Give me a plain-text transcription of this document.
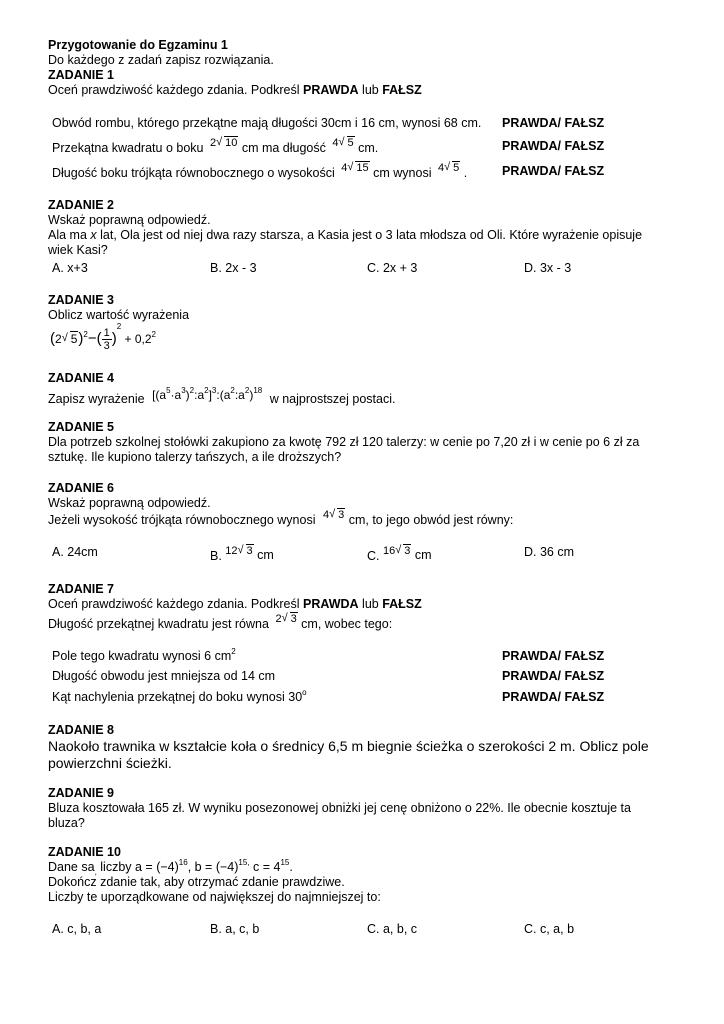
Przygotowanie do Egzaminu 1
Do każdego z zadań zapisz rozwiązania.
ZADANIE 1
Oceń prawdziwość każdego zdania. Podkreśl PRAWDA lub FAŁSZ
Obwód rombu, którego przekątne mają długości 30cm i 16 cm, wynosi 68 cm. PRAWDA/ FAŁSZ
Przekątna kwadratu o boku 2 √ 10 cm ma długość 4 √ 5 cm.	PRAWDA/ FAŁSZ
Długość boku trójkąta równobocznego o wysokości 4 √ 15 cm wynosi 4 √ 5 .	PRAWDA/ FAŁSZ
ZADANIE 2
Wskaż poprawną odpowiedź.
Ala ma x lat, Ola jest od niej dwa razy starsza, a Kasia jest o 3 lata młodsza od Oli. Które wyrażenie opisuje
wiek Kasi?
A. x+3	B. 2x - 3	C. 2x + 3	D. 3x - 3
ZADANIE 3
Oblicz wartość wyrażenia
(2 √ $5)^2-( \frac{1}{3} )^2 + 0,2^2$
ZADANIE 4
Zapisz wyrażenie $[(a^5\cdot a^3)^2:a^2]^3:(a^2:a^2)^{18}$ w najprostszej postaci.
ZADANIE 5
Dla potrzeb szkolnej stołówki zakupiono za kwotę 792 zł 120 talerzy: w cenie po 7,20 zł i w cenie po 6 zł za
sztukę. Ile kupiono talerzy tańszych, a ile droższych?
ZADANIE 6
Wskaż poprawną odpowiedź.
Jeżeli wysokość trójkąta równobocznego wynosi 4 √ 3 cm, to jego obwód jest równy:
A. 24cm	B. 12 √ 3 cm	C. 16 √ 3 cm	D. 36 cm
ZADANIE 7
Oceń prawdziwość każdego zdania. Podkreśl PRAWDA lub FAŁSZ
Długość przekątnej kwadratu jest równa 2 √ 3 cm, wobec tego:
Pole tego kwadratu wynosi 6 $cm^2$	PRAWDA/ FAŁSZ
Długość obwodu jest mniejsza od 14 cm	PRAWDA/ FAŁSZ
Kąt nachylenia przekątnej do boku wynosi 30$^o$	PRAWDA/ FAŁSZ
ZADANIE 8
Naokoło trawnika w kształcie koła o średnicy 6,5 m biegnie ścieżka o szerokości 2 m. Oblicz pole
powierzchni ścieżki.
ZADANIE 9
Bluza kosztowała 165 zł. W wyniku posezonowej obniżki jej cenę obniżono o 22%. Ile obecnie kosztuje ta
bluza?
ZADANIE 10
Dane $sa_,$ liczby $a = (-4)^{16}$, $b = (-4)^{15,}$ $c = 4^{15}$.
Dokończ zdanie tak, aby otrzymać zdanie prawdziwe.
Liczby te uporządkowane od największej do najmniejszej to:
A. c, b, a	B. a, c, b	C. a, b, c	C. c, a, b
